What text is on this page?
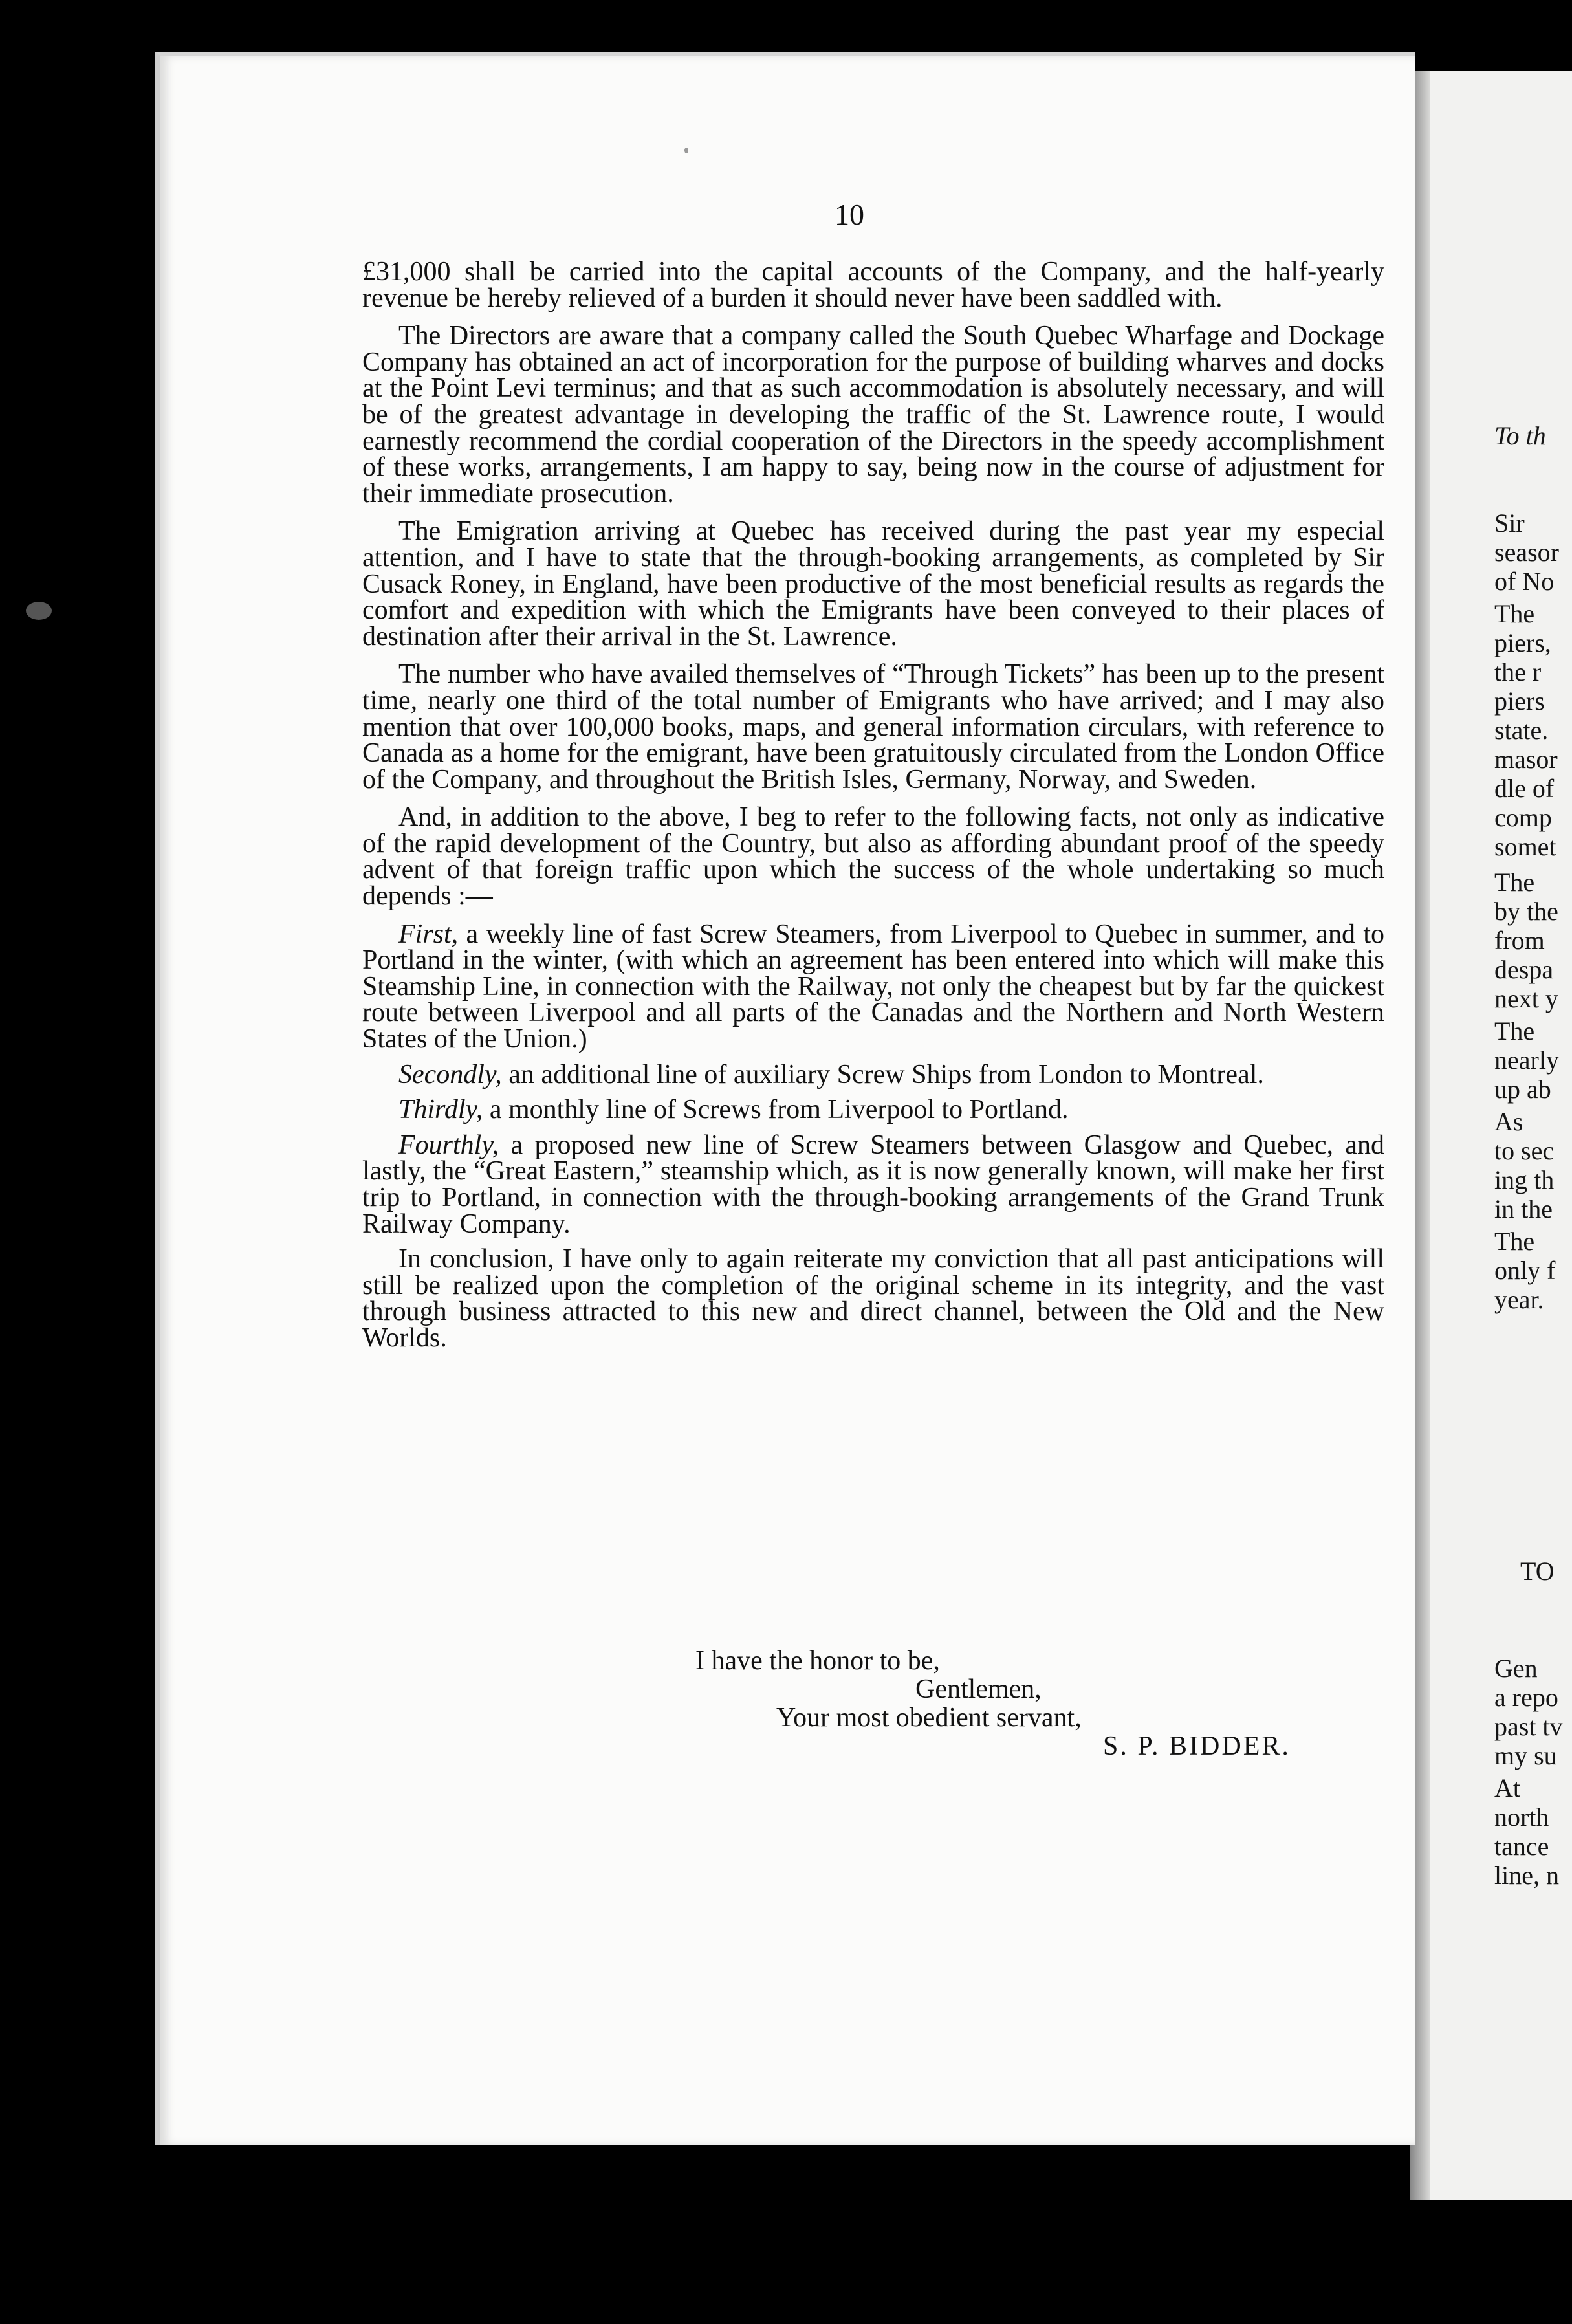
To th
Sir
seasor
of No
The
piers,
the r
piers
state.
masor
dle of
comp
somet
The
by the
from
despa
next y
The
nearly
up ab
As
to sec
ing th
in the
The
only f
year.
TO
Gen
a repo
past tv
my su
At
north
tance
line, n
10

£31,000 shall be carried into the capital accounts of the Company, and the half-yearly revenue be hereby relieved of a burden it should never have been saddled with.

The Directors are aware that a company called the South Quebec Wharfage and Dockage Company has obtained an act of incorporation for the purpose of building wharves and docks at the Point Levi terminus; and that as such accommodation is absolutely necessary, and will be of the greatest advantage in developing the traffic of the St. Lawrence route, I would earnestly recommend the cordial cooperation of the Directors in the speedy accomplishment of these works, arrangements, I am happy to say, being now in the course of adjustment for their immediate prosecution.

The Emigration arriving at Quebec has received during the past year my especial attention, and I have to state that the through-booking arrangements, as completed by Sir Cusack Roney, in England, have been productive of the most beneficial results as regards the comfort and expedition with which the Emigrants have been conveyed to their places of destination after their arrival in the St. Lawrence.

The number who have availed themselves of “Through Tickets” has been up to the present time, nearly one third of the total number of Emigrants who have arrived; and I may also mention that over 100,000 books, maps, and general information circulars, with reference to Canada as a home for the emigrant, have been gratuitously circulated from the London Office of the Company, and throughout the British Isles, Germany, Norway, and Sweden.

And, in addition to the above, I beg to refer to the following facts, not only as indicative of the rapid development of the Country, but also as affording abundant proof of the speedy advent of that foreign traffic upon which the success of the whole undertaking so much depends :—

First, a weekly line of fast Screw Steamers, from Liverpool to Quebec in summer, and to Portland in the winter, (with which an agreement has been entered into which will make this Steamship Line, in connection with the Railway, not only the cheapest but by far the quickest route between Liverpool and all parts of the Canadas and the Northern and North Western States of the Union.)

Secondly, an additional line of auxiliary Screw Ships from London to Montreal.

Thirdly, a monthly line of Screws from Liverpool to Portland.

Fourthly, a proposed new line of Screw Steamers between Glasgow and Quebec, and lastly, the “Great Eastern,” steamship which, as it is now generally known, will make her first trip to Portland, in connection with the through-booking arrangements of the Grand Trunk Railway Company.

In conclusion, I have only to again reiterate my conviction that all past anticipations will still be realized upon the completion of the original scheme in its integrity, and the vast through business attracted to this new and direct channel, between the Old and the New Worlds.

I have the honor to be,
Gentlemen,
Your most obedient servant,
S. P. BIDDER.
